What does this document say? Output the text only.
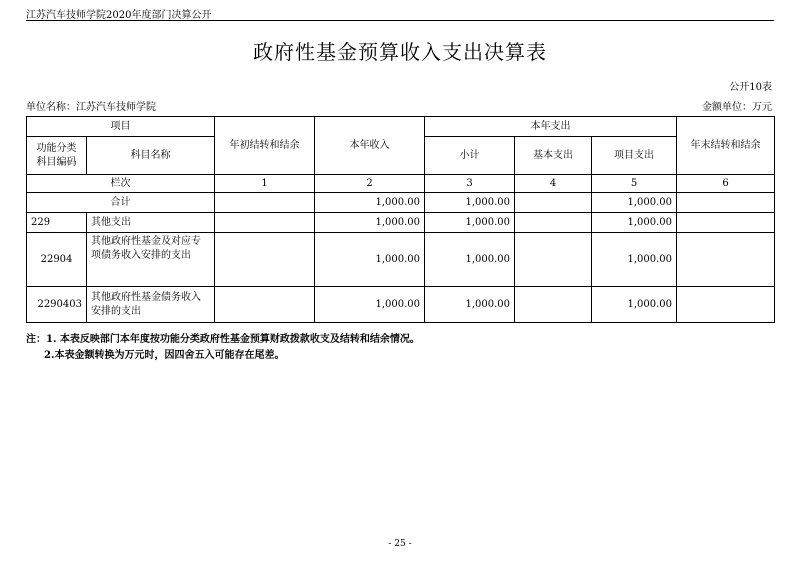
江苏汽车技师学院2020年度部门决算公开
政府性基金预算收入支出决算表
公开10表
单位名称：江苏汽车技师学院	金额单位：万元
项目		年初结转和结余	本年收入	本年支出			年末结转和结余
功能分类
科目编码	科目名称			小计	基本支出	项目支出	
栏次		1	2	3	4	5	6
合计			1,000.00	1,000.00		1,000.00	
229	其他支出		1,000.00	1,000.00		1,000.00	
22904	其他政府性基金及对应专项债务收入安排的支出		1,000.00	1,000.00		1,000.00	
2290403	其他政府性基金债务收入安排的支出		1,000.00	1,000.00		1,000.00	
注：1. 本表反映部门本年度按功能分类政府性基金预算财政拨款收支及结转和结余情况。
2.本表金额转换为万元时，因四舍五入可能存在尾差。
- 25 -
